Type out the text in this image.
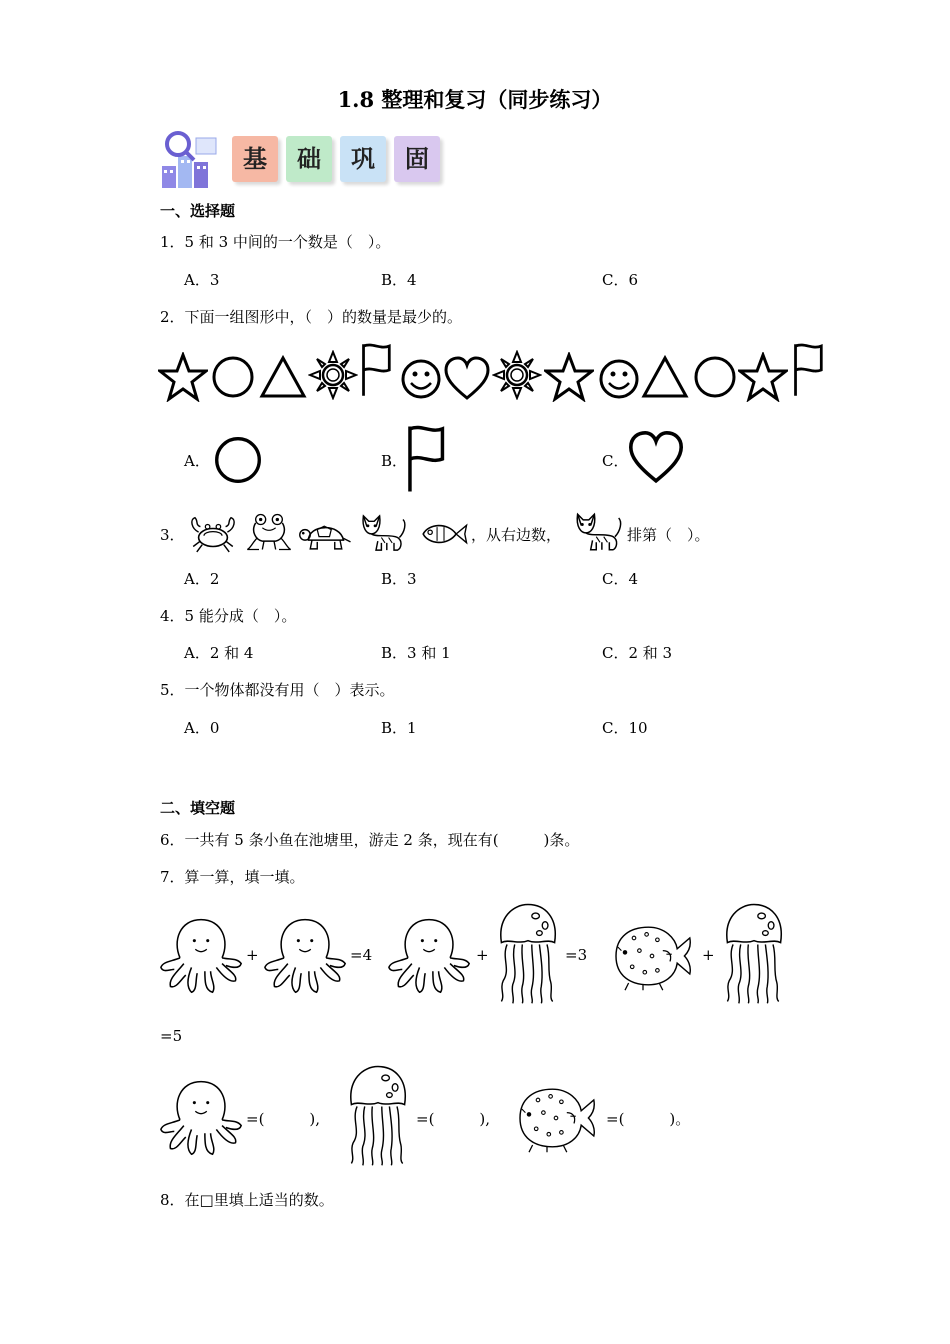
1.8 整理和复习（同步练习）
基	础	巩	固
一、选择题
1．5 和 3 中间的一个数是（　）。
A．3	B．4	C．6
2．下面一组图形中，（　）的数量是最少的。
A．	B．	C．
3．	，从右边数，	排第（　）。
A．2	B．3	C．4
4．5 能分成（　）。
A．2 和 4	B．3 和 1	C．2 和 3
5．一个物体都没有用（　）表示。
A．0	B．1	C．10
二、填空题
6．一共有 5 条小鱼在池塘里，游走 2 条，现在有(　　　)条。
7．算一算，填一填。
+	=4	+	=3	+
=5
=(　　　),	=(　　　),	=(　　　)。
8．在□里填上适当的数。
